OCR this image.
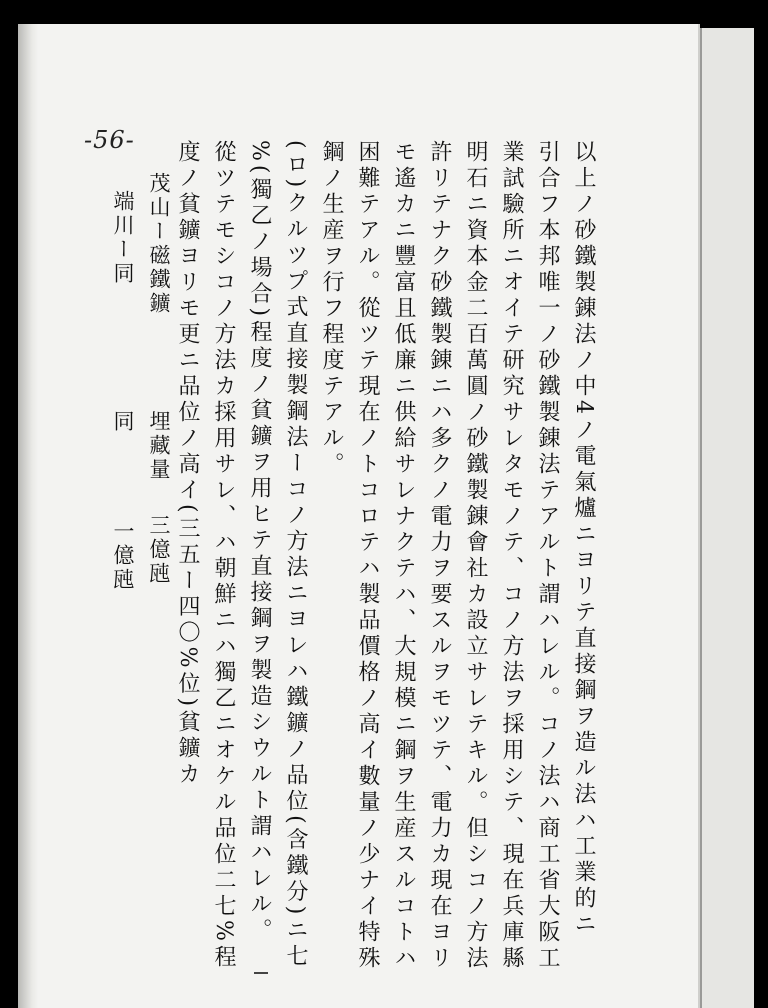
-56-	以上ノ砂鐵製錬法ノ中4ノ電氣爐ニヨリテ直接鋼ヲ造ル法ハ工業的ニ
引合フ本邦唯一ノ砂鐵製錬法テアルト謂ハレル。コノ法ハ商工省大阪工
業試驗所ニオイテ研究サレタモノテ、コノ方法ヲ採用シテ、現在兵庫縣
明石ニ資本金二百萬圓ノ砂鐵製錬會社カ設立サレテキル。但シコノ方法
許リテナク砂鐵製錬ニハ多クノ電力ヲ要スルヲモツテ、電力カ現在ヨリ
モ遙カニ豐富且低廉ニ供給サレナクテハ、大規模ニ鋼ヲ生産スルコトハ
困難テアル。從ツテ現在ノトコロテハ製品價格ノ高イ數量ノ少ナイ特殊
鋼ノ生産ヲ行フ程度テアル。
(ロ)クルツプ式直接製鋼法ーコノ方法ニヨレハ鐵鑛ノ品位(含鐵分)ニ七
%(獨乙ノ場合)程度ノ貧鑛ヲ用ヒテ直接鋼ヲ製造シウルト謂ハレル。
從ツテモシコノ方法カ採用サレ、ハ朝鮮ニハ獨乙ニオケル品位二七%程
度ノ貧鑛ヨリモ更ニ品位ノ高イ(三五ー四〇%位)貧鑛カ
茂山ー磁鐵鑛
埋藏量
三億瓲
端川ー同
同
一億瓲
